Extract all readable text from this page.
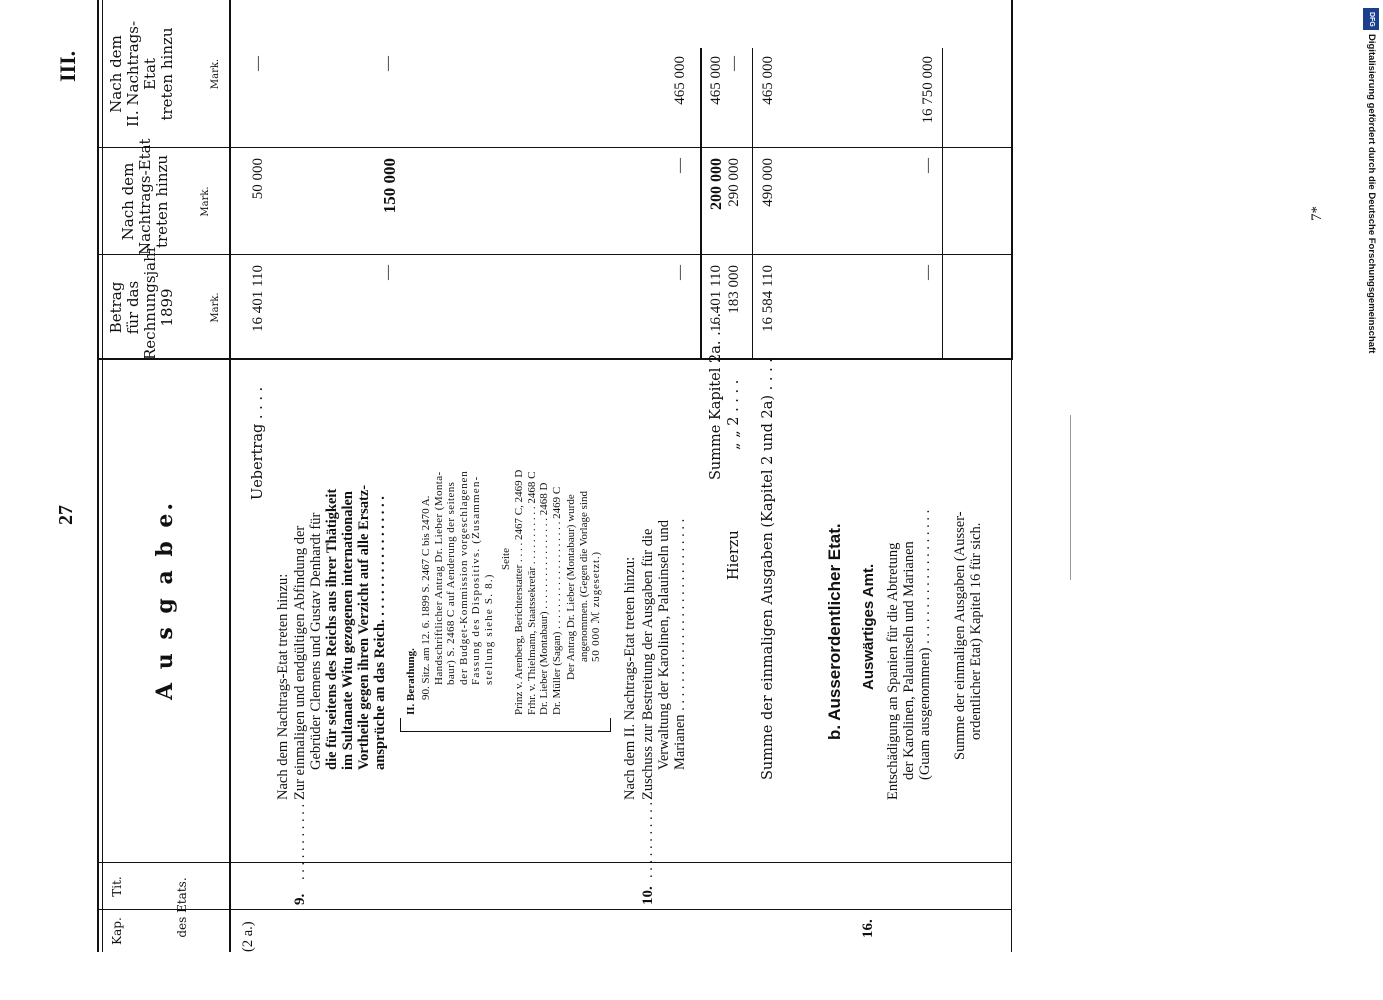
DFG
Digitalisierung gefördert durch die Deutsche Forschungsgemeinschaft
7*
27
III.
Kap.
Tit.	des Etats.
A u s g a b e.
Betrag für das Rechnungsjahr 1899
Nach dem Nachtrags-Etat treten hinzu
Nach dem II. Nachtrags- Etat treten hinzu
Mark.
Mark.
Mark.
(2 a.)
Uebertrag . . . .
16 401 110
50 000
—
Nach dem Nachtrags-Etat treten hinzu:
9.
. . . . . . . . . . . .
Zur einmaligen und endgültigen Abfindung der Gebrüder Clemens und Gustav Denhardt für die für seitens des Reichs aus ihrer Thätigkeit im Sultanate Witu gezogenen internationalen Vortheile gegen ihren Verzicht auf alle Ersatz- ansprüche an das Reich. . . . . . . . . . . . . . . . . .
—
150 000
—
II. Berathung. 90. Sitz. am 12. 6. 1899 S. 2467 C bis 2470 A. Handschriftlicher Antrag Dr. Lieber (Monta- baur) S. 2468 C auf Aenderung der seitens der Budget-Kommission vorgeschlagenen Fassung des Dispositivs. (Zusammen- stellung siehe S. 8.)
Seite Prinz v. Arenberg, Berichterstatter . . . . 2467 C, 2469 D
Frhr. v. Thielmann, Staatssekretär . . . . . . . . . . . 2468 C
Dr. Lieber (Montabaur) . . . . . . . . . . . . . . . . . 2468 D
Dr. Müller (Sagan) . . . . . . . . . . . . . . . . . . . . 2469 C Der Antrag Dr. Lieber (Montabaur) wurde angenommen. (Gegen die Vorlage sind 50 000 ℳ zugesetzt.) Nach dem II. Nachtrags-Etat treten hinzu:
10.
. . . . . . . . . . .
Zuschuss zur Bestreitung der Ausgaben für die Verwaltung der Karolinen, Palauinseln und Marianen . . . . . . . . . . . . . . . . . . . . . . . . . . .
—
—
465 000
Summe Kapitel 2a. . . .
16 401 110
200 000
465 000
Hierzu
„ „ 2 . . . .
183 000
290 000
—
Summe der einmaligen Ausgaben (Kapitel 2 und 2a) . . . .
16 584 110
490 000
465 000
b. Ausserordentlicher Etat.
16.
Auswärtiges Amt. Entschädigung an Spanien für die Abtretung der Karolinen, Palauinseln und Marianen (Guam ausgenommen) . . . . . . . . . . . . . . . . . . .
—
—
16 750 000
Summe der einmaligen Ausgaben (Ausser- ordentlicher Etat) Kapitel 16 für sich.
